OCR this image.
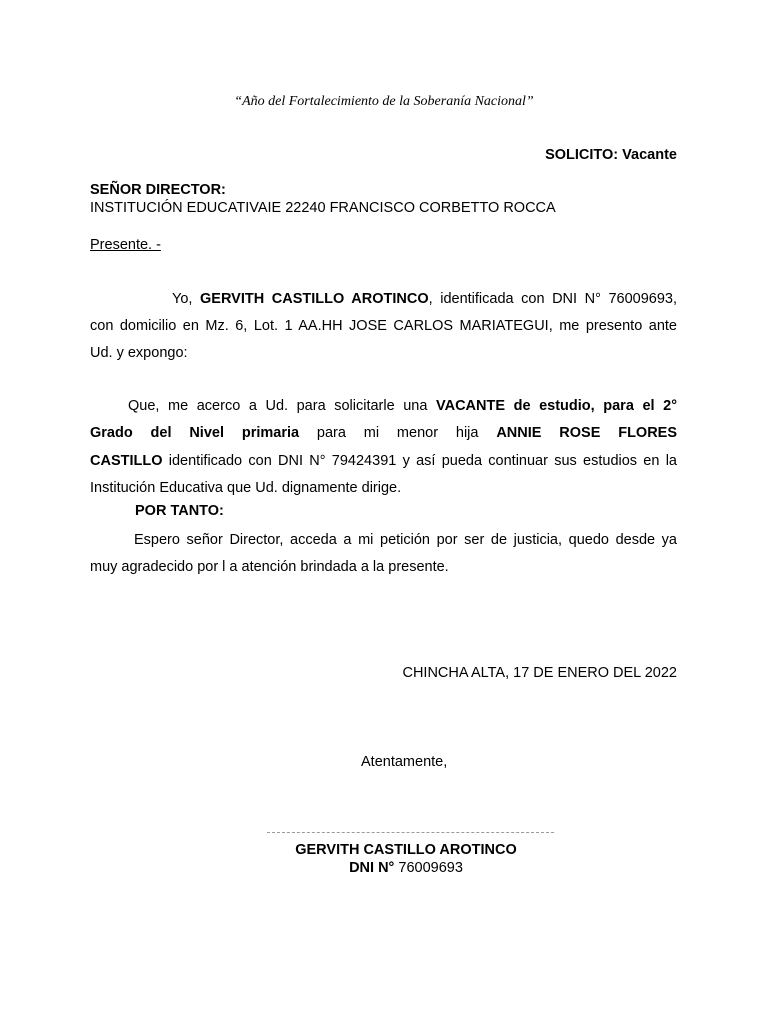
“Año del Fortalecimiento de la Soberanía Nacional”
SOLICITO: Vacante
SEÑOR DIRECTOR:
INSTITUCIÓN EDUCATIVAIE 22240 FRANCISCO CORBETTO ROCCA
Presente. -
Yo, GERVITH CASTILLO AROTINCO, identificada con DNI N° 76009693,
con domicilio en Mz. 6, Lot. 1 AA.HH JOSE CARLOS MARIATEGUI, me presento ante
Ud. y expongo:
Que, me acerco a Ud. para solicitarle una VACANTE de estudio, para el 2°
Grado del Nivel primaria para mi menor hija ANNIE ROSE FLORES
CASTILLO identificado con DNI N° 79424391 y así pueda continuar sus estudios en la
Institución Educativa que Ud. dignamente dirige.
POR TANTO:
Espero señor Director, acceda a mi petición por ser de justicia, quedo desde ya
muy agradecido por l a atención brindada a la presente.
CHINCHA ALTA, 17 DE ENERO DEL 2022
Atentamente,
GERVITH CASTILLO AROTINCO
DNI N° 76009693
